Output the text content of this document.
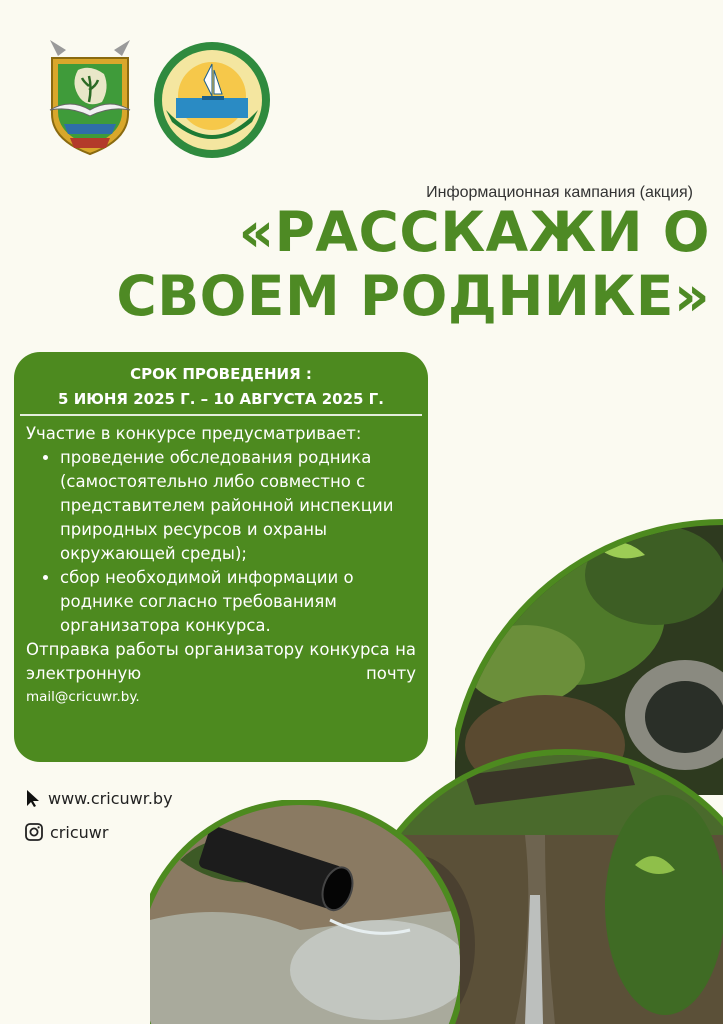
Информационная кампания (акция)
«РАССКАЖИ О
СВОЕМ РОДНИКЕ»
СРОК ПРОВЕДЕНИЯ :
5 ИЮНЯ 2025 Г. – 10 АВГУСТА 2025 Г.
Участие в конкурсе предусматривает:
• проведение обследования родника (самостоятельно либо совместно с представителем районной инспекции природных ресурсов и охраны окружающей среды);
• сбор необходимой информации о роднике согласно требованиям организатора конкурса.
Отправка работы организатору конкурса на электронную почту
mail@cricuwr.by.
www.cricuwr.by
cricuwr
